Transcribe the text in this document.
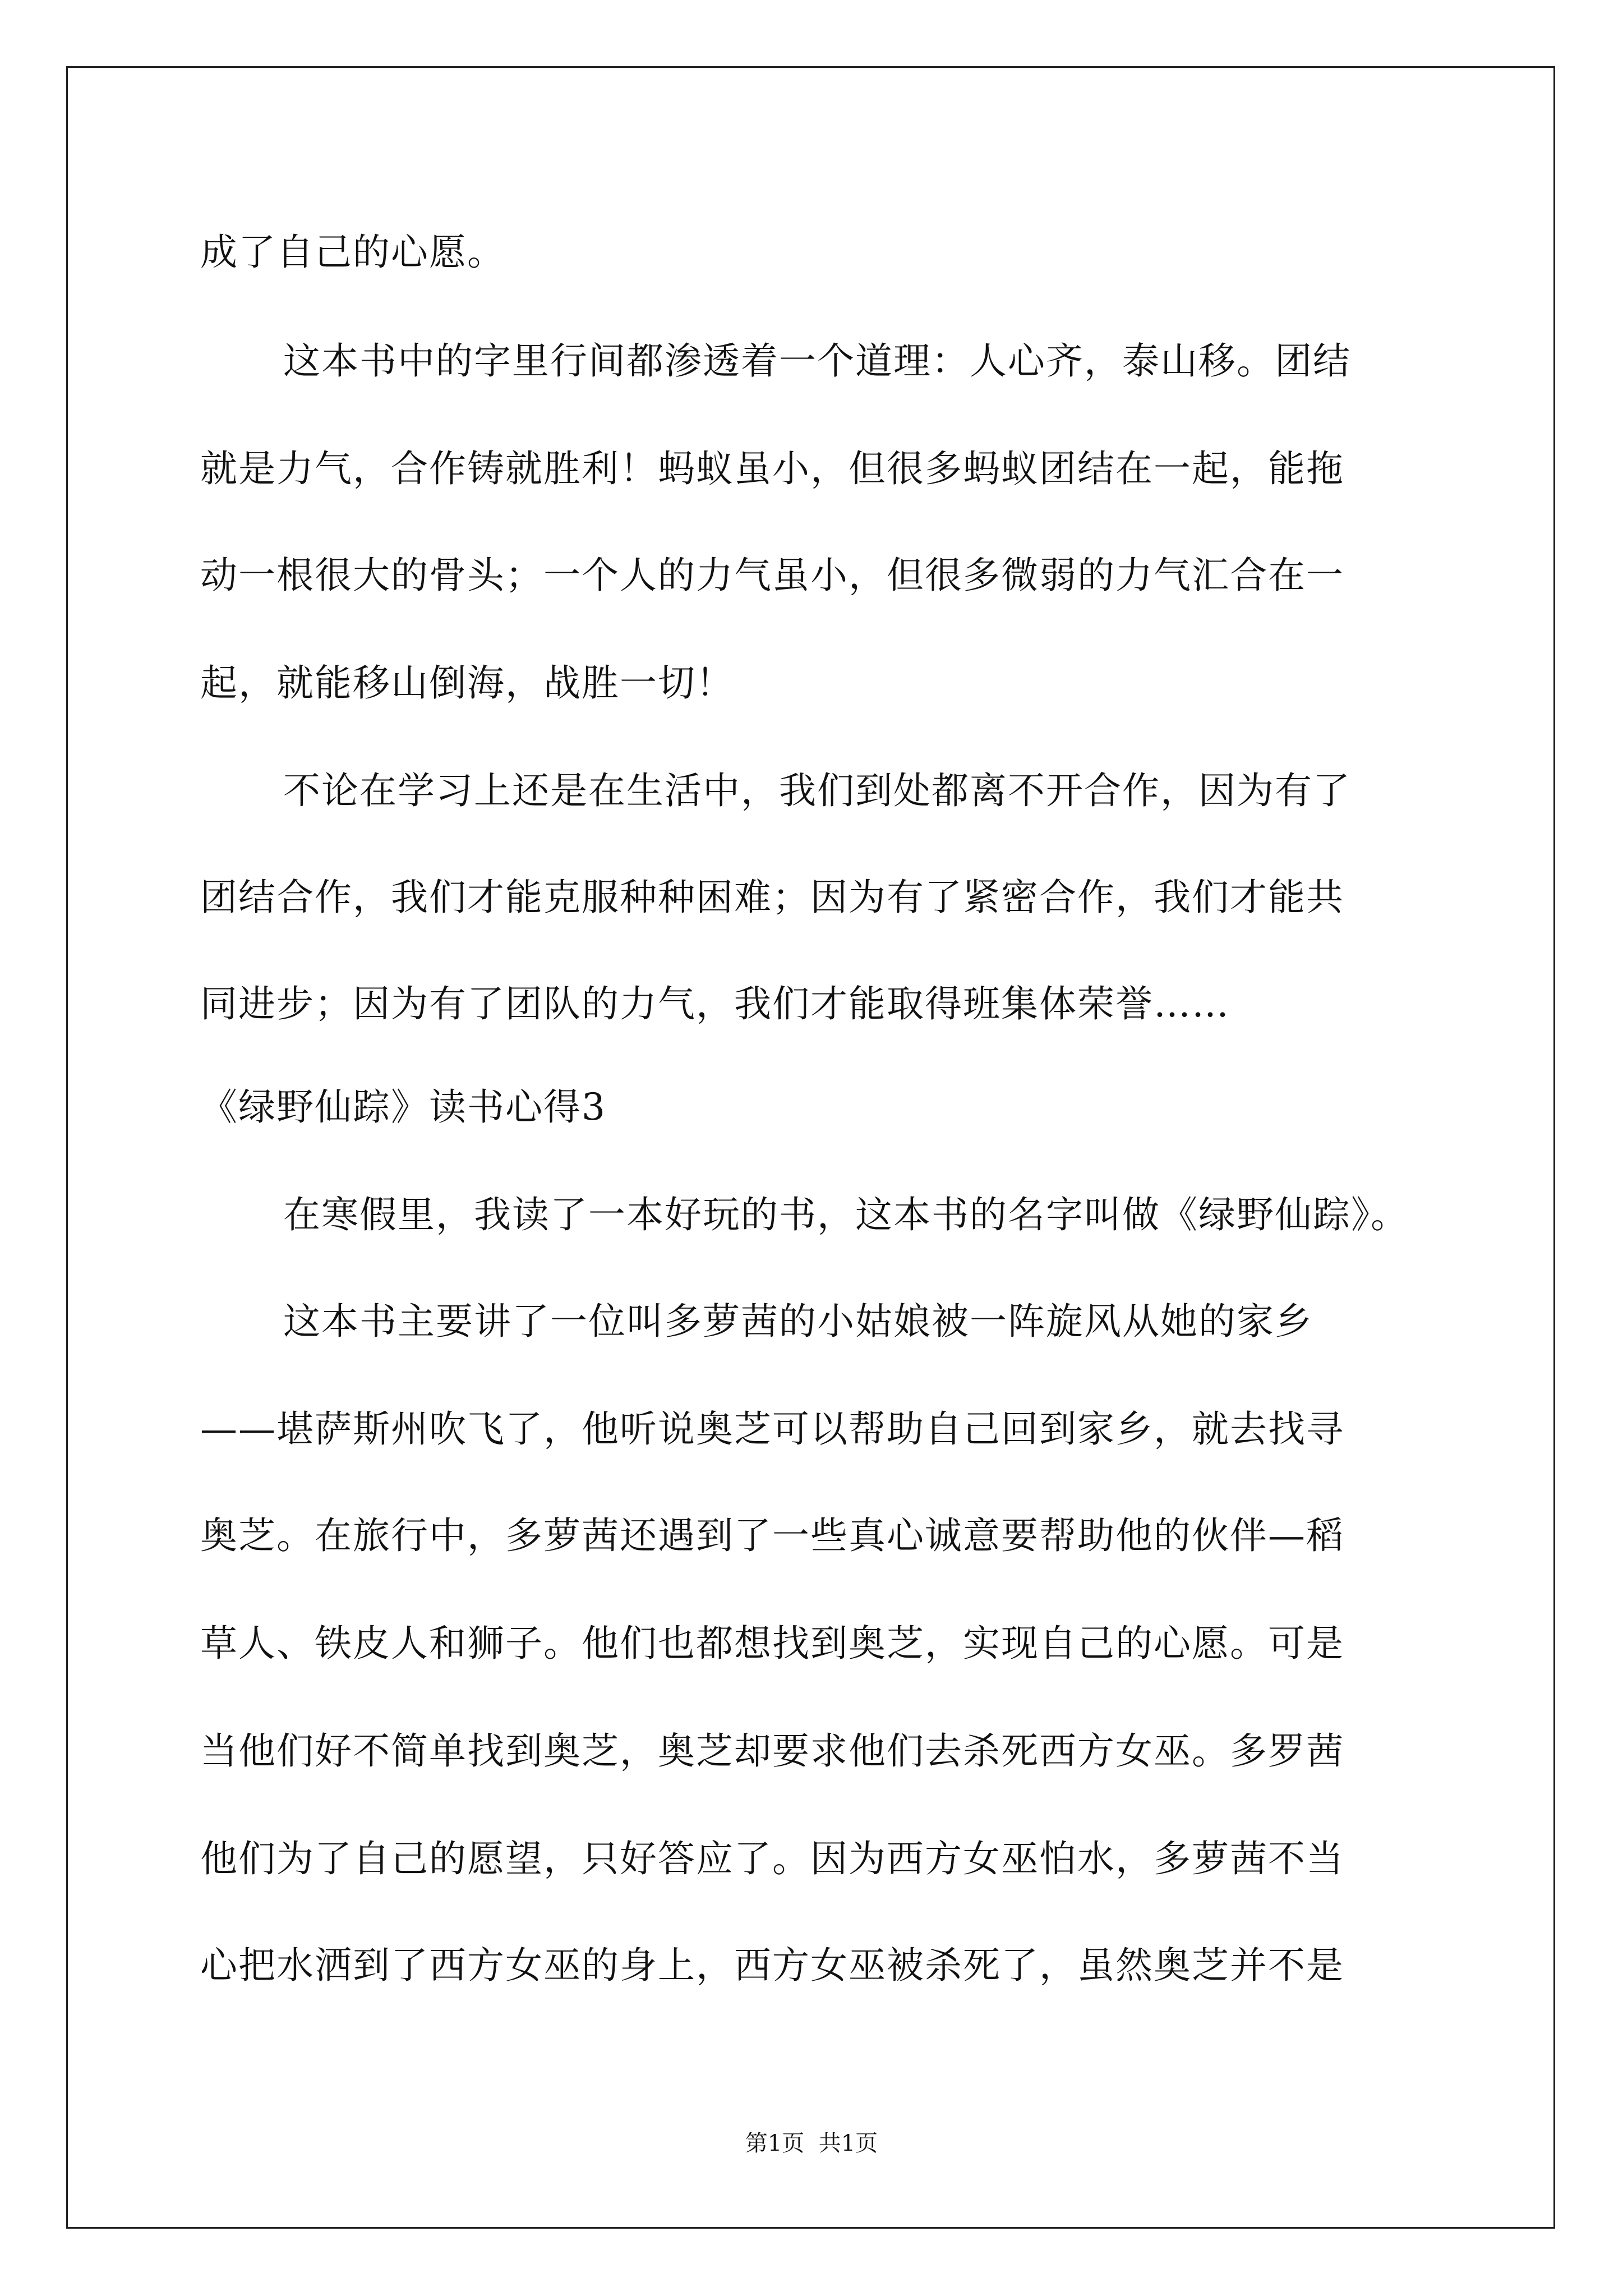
成了自己的心愿。
这本书中的字里行间都渗透着一个道理：人心齐，泰山移。团结
就是力气，合作铸就胜利！蚂蚁虽小，但很多蚂蚁团结在一起，能拖
动一根很大的骨头；一个人的力气虽小，但很多微弱的力气汇合在一
起，就能移山倒海，战胜一切！
不论在学习上还是在生活中，我们到处都离不开合作，因为有了
团结合作，我们才能克服种种困难；因为有了紧密合作，我们才能共
同进步；因为有了团队的力气，我们才能取得班集体荣誉……
《绿野仙踪》读书心得3
在寒假里，我读了一本好玩的书，这本书的名字叫做《绿野仙踪》。
这本书主要讲了一位叫多萝茜的小姑娘被一阵旋风从她的家乡
——堪萨斯州吹飞了，他听说奥芝可以帮助自己回到家乡，就去找寻
奥芝。在旅行中，多萝茜还遇到了一些真心诚意要帮助他的伙伴—稻
草人、铁皮人和狮子。他们也都想找到奥芝，实现自己的心愿。可是
当他们好不简单找到奥芝，奥芝却要求他们去杀死西方女巫。多罗茜
他们为了自己的愿望，只好答应了。因为西方女巫怕水，多萝茜不当
心把水洒到了西方女巫的身上，西方女巫被杀死了，虽然奥芝并不是
第1页  共1页
